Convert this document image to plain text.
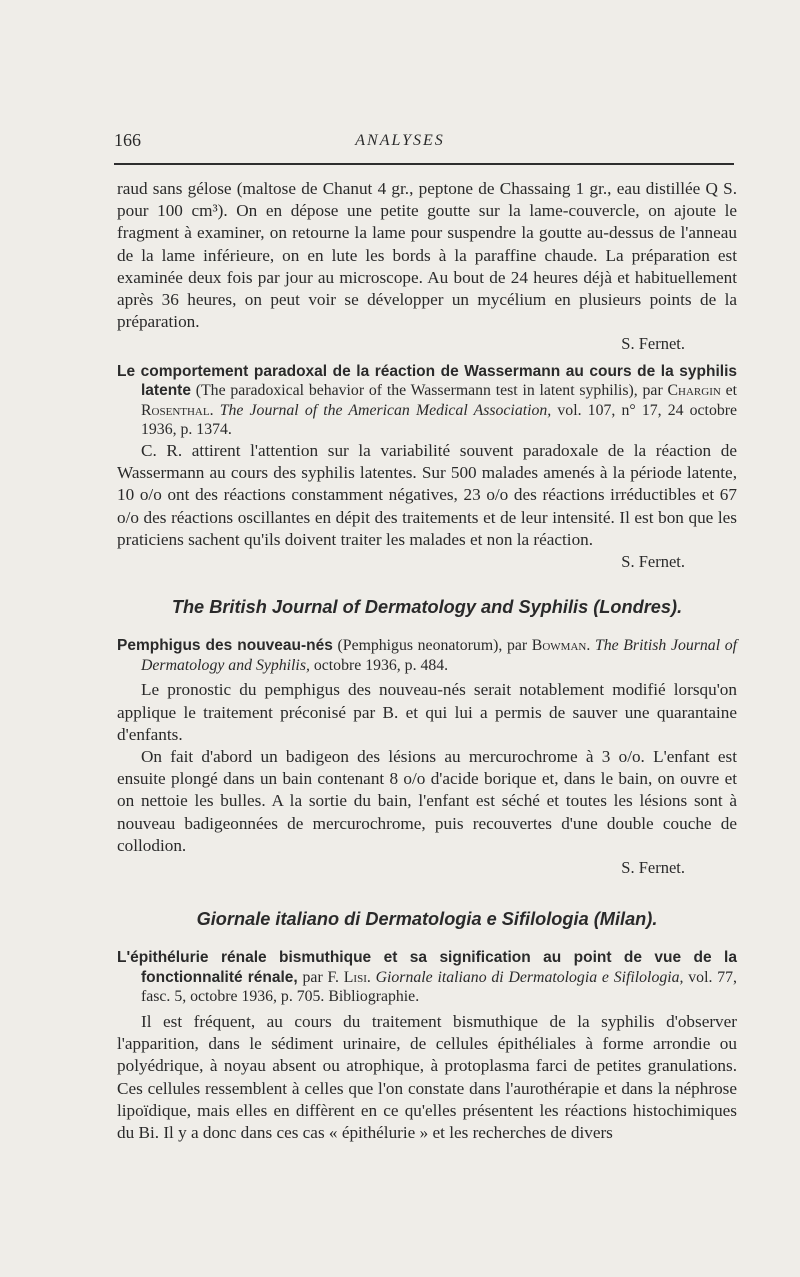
166	ANALYSES

raud sans gélose (maltose de Chanut 4 gr., peptone de Chassaing 1 gr., eau distillée Q S. pour 100 cm³). On en dépose une petite goutte sur la lame-couvercle, on ajoute le fragment à examiner, on retourne la lame pour suspendre la goutte au-dessus de l'anneau de la lame inférieure, on en lute les bords à la paraffine chaude. La préparation est examinée deux fois par jour au microscope. Au bout de 24 heures déjà et habituellement après 36 heures, on peut voir se développer un mycélium en plusieurs points de la préparation.

S. Fernet.

Le comportement paradoxal de la réaction de Wassermann au cours de la syphilis latente (The paradoxical behavior of the Wassermann test in latent syphilis), par Chargin et Rosenthal. The Journal of the American Medical Association, vol. 107, n° 17, 24 octobre 1936, p. 1374.

C. R. attirent l'attention sur la variabilité souvent paradoxale de la réaction de Wassermann au cours des syphilis latentes. Sur 500 malades amenés à la période latente, 10 o/o ont des réactions constamment négatives, 23 o/o des réactions irréductibles et 67 o/o des réactions oscillantes en dépit des traitements et de leur intensité. Il est bon que les praticiens sachent qu'ils doivent traiter les malades et non la réaction.

S. Fernet.

The British Journal of Dermatology and Syphilis (Londres).

Pemphigus des nouveau-nés (Pemphigus neonatorum), par Bowman. The British Journal of Dermatology and Syphilis, octobre 1936, p. 484.

Le pronostic du pemphigus des nouveau-nés serait notablement modifié lorsqu'on applique le traitement préconisé par B. et qui lui a permis de sauver une quarantaine d'enfants.

On fait d'abord un badigeon des lésions au mercurochrome à 3 o/o. L'enfant est ensuite plongé dans un bain contenant 8 o/o d'acide borique et, dans le bain, on ouvre et on nettoie les bulles. A la sortie du bain, l'enfant est séché et toutes les lésions sont à nouveau badigeonnées de mercurochrome, puis recouvertes d'une double couche de collodion.

S. Fernet.

Giornale italiano di Dermatologia e Sifilologia (Milan).

L'épithélurie rénale bismuthique et sa signification au point de vue de la fonctionnalité rénale, par F. Lisi. Giornale italiano di Dermatologia e Sifilologia, vol. 77, fasc. 5, octobre 1936, p. 705. Bibliographie.

Il est fréquent, au cours du traitement bismuthique de la syphilis d'observer l'apparition, dans le sédiment urinaire, de cellules épithéliales à forme arrondie ou polyédrique, à noyau absent ou atrophique, à protoplasma farci de petites granulations. Ces cellules ressemblent à celles que l'on constate dans l'aurothérapie et dans la néphrose lipoïdique, mais elles en diffèrent en ce qu'elles présentent les réactions histochimiques du Bi. Il y a donc dans ces cas « épithélurie » et les recherches de divers
